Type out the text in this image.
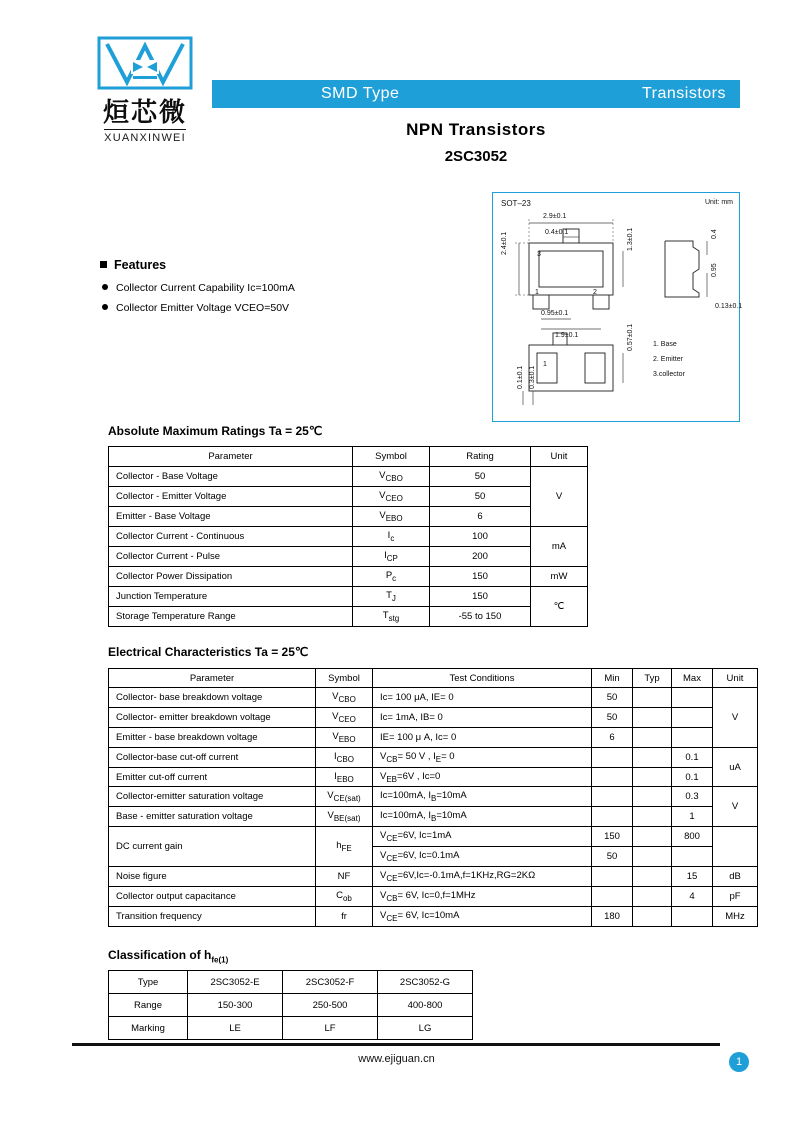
烜芯微
XUANXINWEI
SMD Type	Transistors
NPN Transistors
2SC3052
Features
Collector Current Capability Ic=100mA
Collector Emitter Voltage VCEO=50V
SOT–23	Unit: mm
2.9±0.1
0.4±0.1
2.4±0.1	1.3±0.1
0.95±0.1
1.9±0.1
0.4
0.95
0.13±0.1
0.57±0.1
0.1±0.1 0.3±0.1
1. Base
2. Emitter
3.collector
3
1	2
1
Absolute Maximum Ratings Ta = 25℃
Parameter	Symbol	Rating	Unit
Collector - Base Voltage	$V_{CBO}$	50	V
Collector - Emitter Voltage	$V_{CEO}$	50	
Emitter - Base Voltage	$V_{EBO}$	6	
Collector Current - Continuous	$I_c$	100	mA
Collector Current - Pulse	$I_{CP}$	200	
Collector Power Dissipation	$P_c$	150	mW
Junction Temperature	$T_J$	150	℃
Storage Temperature Range	$T_{stg}$	-55 to 150	
Electrical Characteristics Ta = 25℃
Parameter	Symbol	Test Conditions	Min	Typ	Max	Unit
Collector- base breakdown voltage	$V_{CBO}$	Ic= 100 μA, IE= 0	50			V
Collector- emitter breakdown voltage	$V_{CEO}$	Ic= 1mA, IB= 0	50			
Emitter - base breakdown voltage	$V_{EBO}$	IE= 100 μ A, Ic= 0	6			
Collector-base cut-off current	$I_{CBO}$	$V_{CB}= 50$ V , $I_E= 0$			0.1	uA
Emitter cut-off current	$I_{EBO}$	$V_{EB}=6V$ , Ic=0			0.1	
Collector-emitter saturation voltage	$V_{CE(sat)}$	Ic=100mA, $I_B=10mA$			0.3	V
Base - emitter saturation voltage	$V_{BE(sat)}$	Ic=100mA, $I_B=10mA$			1	
DC current gain	$h_{FE}$	$V_{CE}=6V$, Ic=1mA	150		800	
		$V_{CE}=6V$, Ic=0.1mA	50			
Noise figure	NF	$V_{CE}=6V,Ic=-0.1mA,f=1KHz,RG=2K\Omega$			15	dB
Collector output capacitance	$C_{ob}$	$V_{CB}= 6V$, Ic=0,f=1MHz			4	pF
Transition frequency	fr	$V_{CE}= 6V$, Ic=10mA	180			MHz
Classification of $h_{fe(1)}$
Type	2SC3052-E	2SC3052-F	2SC3052-G
Range	150-300	250-500	400-800
Marking	LE	LF	LG
www.ejiguan.cn	1
